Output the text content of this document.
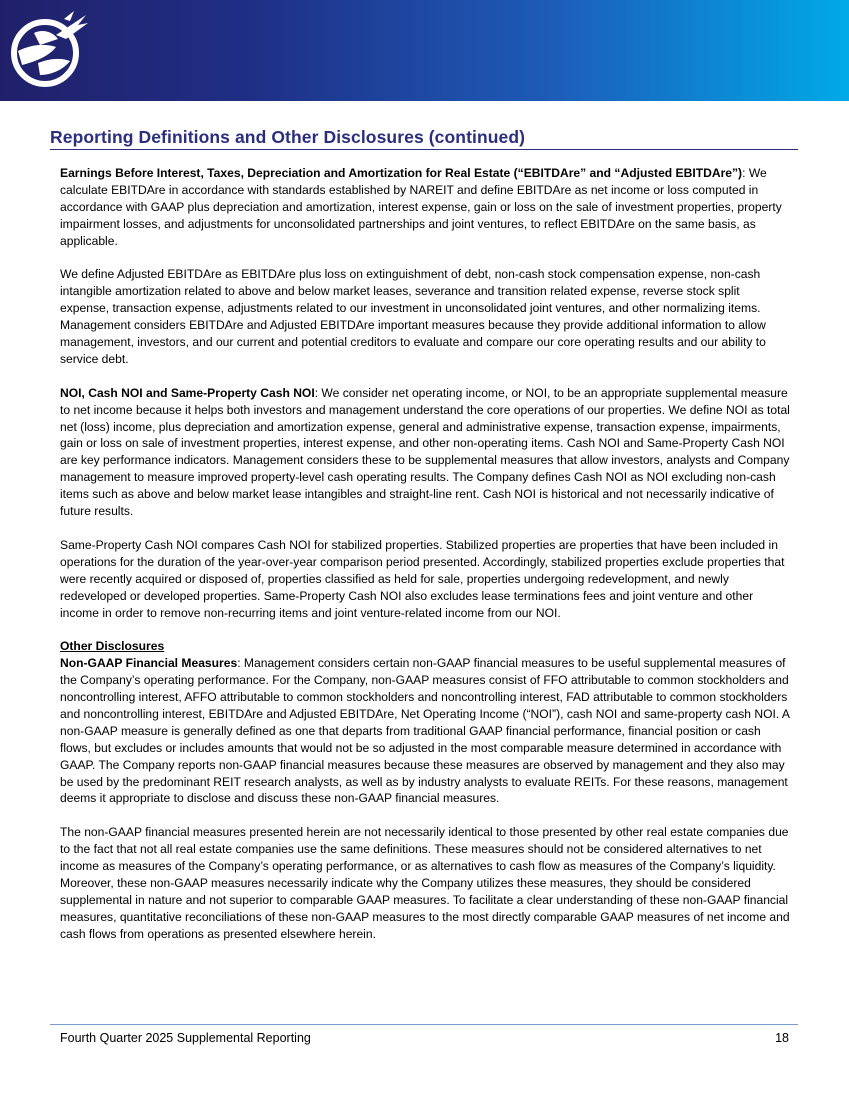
Reporting Definitions and Other Disclosures (continued)

Earnings Before Interest, Taxes, Depreciation and Amortization for Real Estate (“EBITDAre” and “Adjusted EBITDAre”): We calculate EBITDAre in accordance with standards established by NAREIT and define EBITDAre as net income or loss computed in accordance with GAAP plus depreciation and amortization, interest expense, gain or loss on the sale of investment properties, property impairment losses, and adjustments for unconsolidated partnerships and joint ventures, to reflect EBITDAre on the same basis, as applicable.

We define Adjusted EBITDAre as EBITDAre plus loss on extinguishment of debt, non-cash stock compensation expense, non-cash intangible amortization related to above and below market leases, severance and transition related expense, reverse stock split expense, transaction expense, adjustments related to our investment in unconsolidated joint ventures, and other normalizing items. Management considers EBITDAre and Adjusted EBITDAre important measures because they provide additional information to allow management, investors, and our current and potential creditors to evaluate and compare our core operating results and our ability to service debt.

NOI, Cash NOI and Same-Property Cash NOI: We consider net operating income, or NOI, to be an appropriate supplemental measure to net income because it helps both investors and management understand the core operations of our properties. We define NOI as total net (loss) income, plus depreciation and amortization expense, general and administrative expense, transaction expense, impairments, gain or loss on sale of investment properties, interest expense, and other non-operating items. Cash NOI and Same-Property Cash NOI are key performance indicators. Management considers these to be supplemental measures that allow investors, analysts and Company management to measure improved property-level cash operating results. The Company defines Cash NOI as NOI excluding non-cash items such as above and below market lease intangibles and straight-line rent. Cash NOI is historical and not necessarily indicative of future results.

Same-Property Cash NOI compares Cash NOI for stabilized properties. Stabilized properties are properties that have been included in operations for the duration of the year-over-year comparison period presented. Accordingly, stabilized properties exclude properties that were recently acquired or disposed of, properties classified as held for sale, properties undergoing redevelopment, and newly redeveloped or developed properties. Same-Property Cash NOI also excludes lease terminations fees and joint venture and other income in order to remove non-recurring items and joint venture-related income from our NOI.

Other Disclosures

Non-GAAP Financial Measures: Management considers certain non-GAAP financial measures to be useful supplemental measures of the Company’s operating performance. For the Company, non-GAAP measures consist of FFO attributable to common stockholders and noncontrolling interest, AFFO attributable to common stockholders and noncontrolling interest, FAD attributable to common stockholders and noncontrolling interest, EBITDAre and Adjusted EBITDAre, Net Operating Income (“NOI”), cash NOI and same-property cash NOI. A non-GAAP measure is generally defined as one that departs from traditional GAAP financial performance, financial position or cash flows, but excludes or includes amounts that would not be so adjusted in the most comparable measure determined in accordance with GAAP. The Company reports non-GAAP financial measures because these measures are observed by management and they also may be used by the predominant REIT research analysts, as well as by industry analysts to evaluate REITs. For these reasons, management deems it appropriate to disclose and discuss these non-GAAP financial measures.

The non-GAAP financial measures presented herein are not necessarily identical to those presented by other real estate companies due to the fact that not all real estate companies use the same definitions. These measures should not be considered alternatives to net income as measures of the Company’s operating performance, or as alternatives to cash flow as measures of the Company’s liquidity. Moreover, these non-GAAP measures necessarily indicate why the Company utilizes these measures, they should be considered supplemental in nature and not superior to comparable GAAP measures. To facilitate a clear understanding of these non-GAAP financial measures, quantitative reconciliations of these non-GAAP measures to the most directly comparable GAAP measures of net income and cash flows from operations as presented elsewhere herein.

Fourth Quarter 2025 Supplemental Reporting	18
